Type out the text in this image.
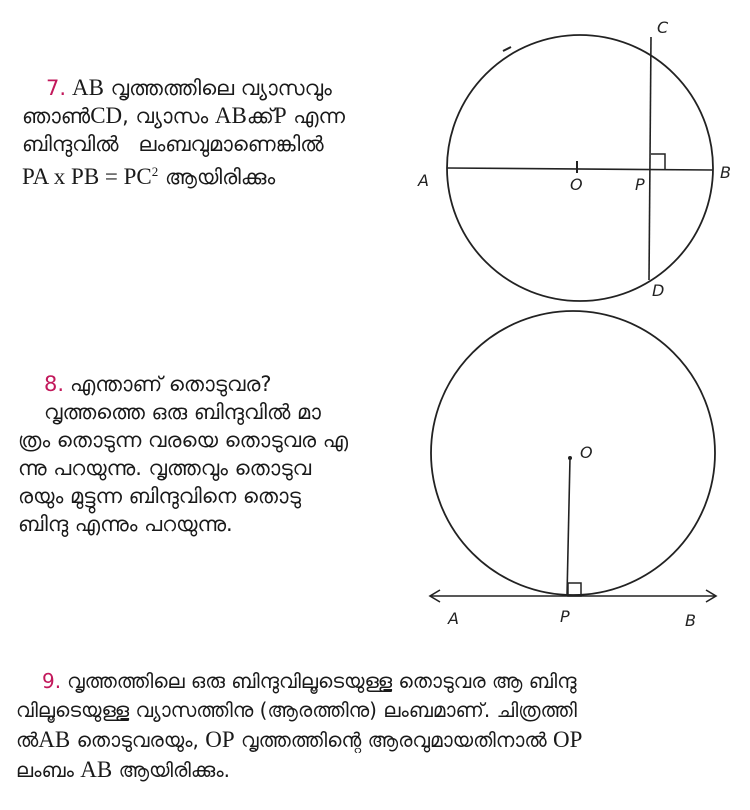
7. AB വൃത്തത്തിലെ വ്യാസവും
ഞാൺCD, വ്യാസം ABക്ക്P എന്ന
ബിന്ദുവിൽ   ലംബവുമാണെങ്കിൽ
PA x PB = $PC^2$ ആയിരിക്കും	A	O	P
B
C
D
8. എന്താണ് തൊടുവര?
വൃത്തത്തെ ഒരു ബിന്ദുവിൽ മാ
ത്രം തൊടുന്ന വരയെ തൊടുവര എ
ന്നു പറയുന്നു. വൃത്തവും തൊടുവ
രയും മുട്ടുന്ന ബിന്ദുവിനെ തൊടു
ബിന്ദു എന്നും പറയുന്നു.
O
A	P	B
9. വൃത്തത്തിലെ ഒരു ബിന്ദുവിലൂടെയുള്ള തൊടുവര ആ ബിന്ദു
വിലൂടെയുള്ള വ്യാസത്തിനു (ആരത്തിനു) ലംബമാണ്. ചിത്രത്തി
ൽAB തൊടുവരയും, OP വൃത്തത്തിന്റെ ആരവുമായതിനാൽ OP
ലംബം AB ആയിരിക്കും.
